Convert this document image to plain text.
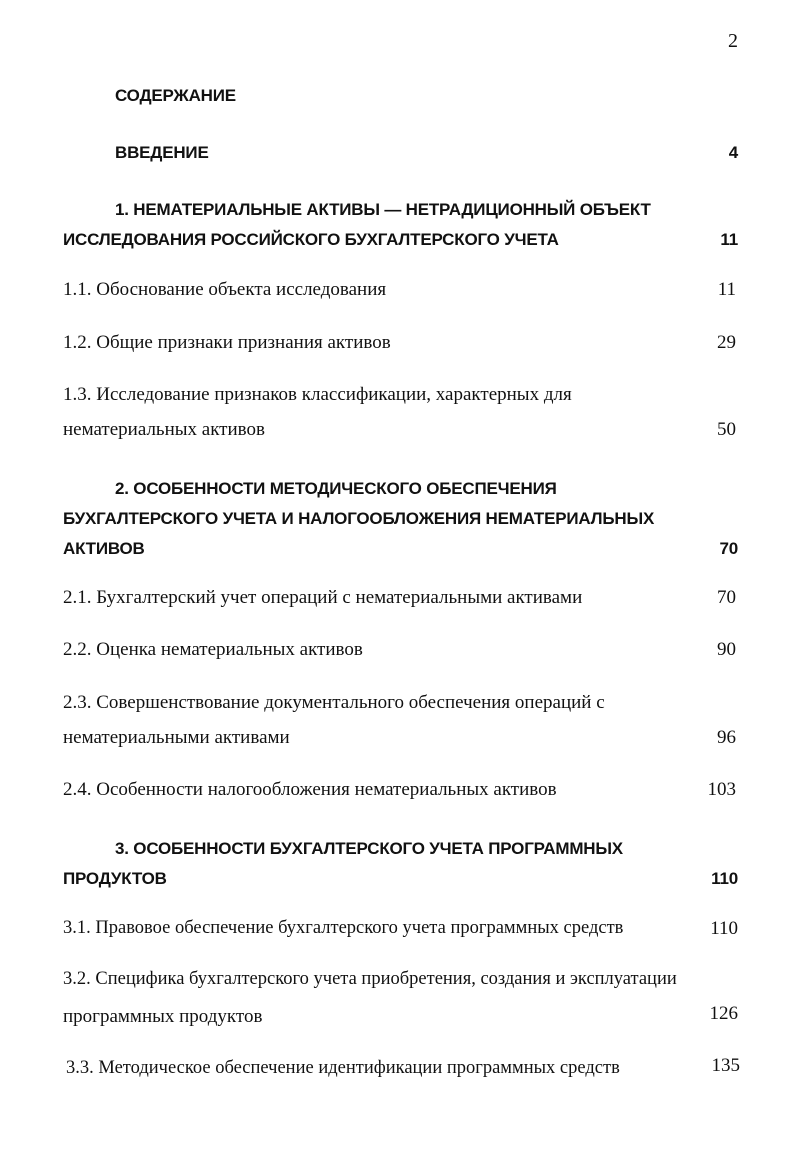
2
СОДЕРЖАНИЕ
ВВЕДЕНИЕ	4
1. НЕМАТЕРИАЛЬНЫЕ АКТИВЫ — НЕТРАДИЦИОННЫЙ ОБЪЕКТ
ИССЛЕДОВАНИЯ РОССИЙСКОГО БУХГАЛТЕРСКОГО УЧЕТА	11
1.1. Обоснование объекта исследования	11
1.2. Общие признаки признания активов	29
1.3. Исследование признаков классификации, характерных для
нематериальных активов	50
2. ОСОБЕННОСТИ МЕТОДИЧЕСКОГО ОБЕСПЕЧЕНИЯ
БУХГАЛТЕРСКОГО УЧЕТА И НАЛОГООБЛОЖЕНИЯ НЕМАТЕРИАЛЬНЫХ
АКТИВОВ	70
2.1. Бухгалтерский учет операций с нематериальными активами	70
2.2. Оценка нематериальных активов	90
2.3. Совершенствование документального обеспечения операций с
нематериальными активами	96
2.4. Особенности налогообложения нематериальных активов	103
3. ОСОБЕННОСТИ БУХГАЛТЕРСКОГО УЧЕТА ПРОГРАММНЫХ
ПРОДУКТОВ	110
3.1. Правовое обеспечение бухгалтерского учета программных средств	110
3.2. Специфика бухгалтерского учета приобретения, создания и эксплуатации
программных продуктов	126
3.3. Методическое обеспечение идентификации программных средств	135
